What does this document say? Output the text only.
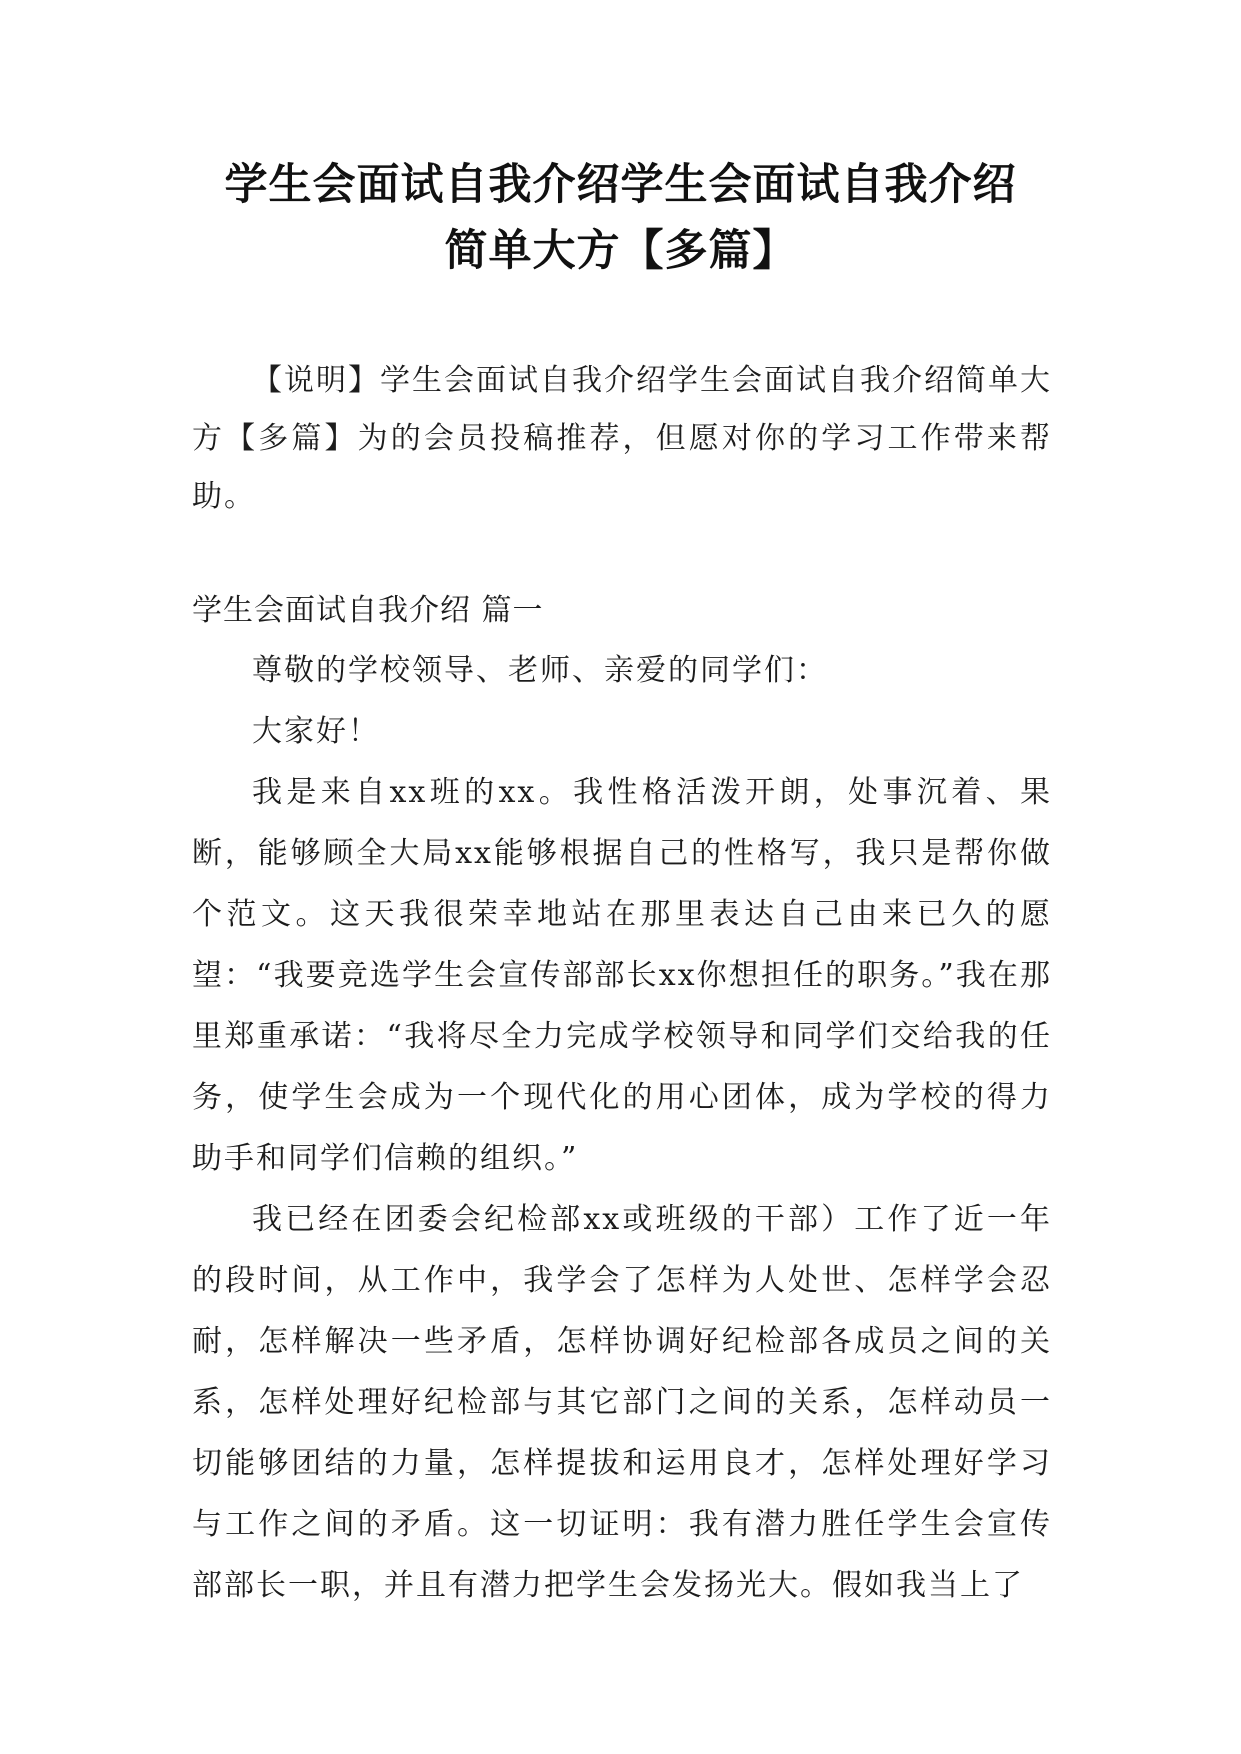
学生会面试自我介绍学生会面试自我介绍
简单大方【多篇】
【说明】学生会面试自我介绍学生会面试自我介绍简单大方【多篇】为的会员投稿推荐，但愿对你的学习工作带来帮助。
学生会面试自我介绍 篇一

尊敬的学校领导、老师、亲爱的同学们：

大家好！

我是来自xx班的xx。我性格活泼开朗，处事沉着、果断，能够顾全大局xx能够根据自己的性格写，我只是帮你做个范文。这天我很荣幸地站在那里表达自己由来已久的愿望：“我要竞选学生会宣传部部长xx你想担任的职务。”我在那里郑重承诺：“我将尽全力完成学校领导和同学们交给我的任务，使学生会成为一个现代化的用心团体，成为学校的得力助手和同学们信赖的组织。”

我已经在团委会纪检部xx或班级的干部）工作了近一年的段时间，从工作中，我学会了怎样为人处世、怎样学会忍耐，怎样解决一些矛盾，怎样协调好纪检部各成员之间的关系，怎样处理好纪检部与其它部门之间的关系，怎样动员一切能够团结的力量，怎样提拔和运用良才，怎样处理好学习与工作之间的矛盾。这一切证明：我有潜力胜任学生会宣传部部长一职，并且有潜力把学生会发扬光大。假如我当上了
